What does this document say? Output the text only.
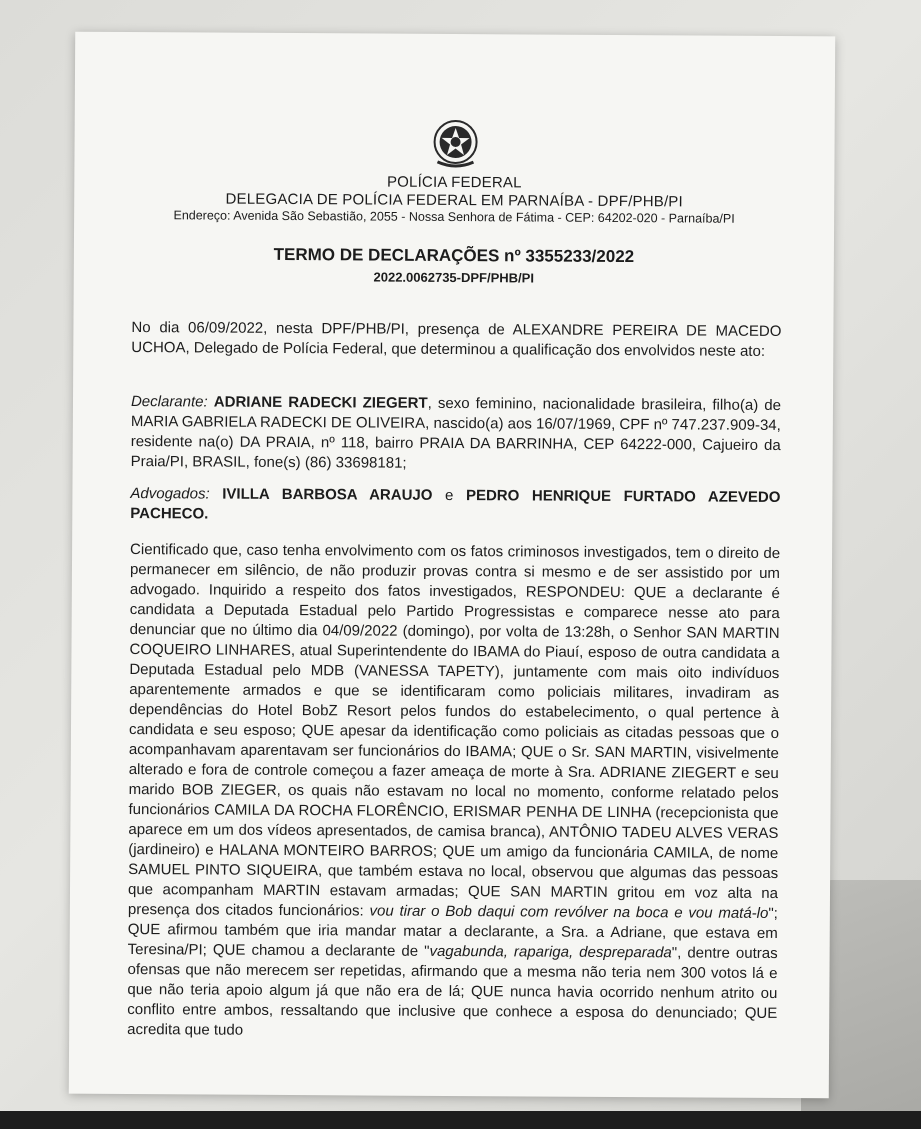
POLÍCIA FEDERAL
DELEGACIA DE POLÍCIA FEDERAL EM PARNAÍBA - DPF/PHB/PI
Endereço: Avenida São Sebastião, 2055 - Nossa Senhora de Fátima - CEP: 64202-020 - Parnaíba/PI
TERMO DE DECLARAÇÕES nº 3355233/2022
2022.0062735-DPF/PHB/PI
No dia 06/09/2022, nesta DPF/PHB/PI, presença de ALEXANDRE PEREIRA DE MACEDO UCHOA, Delegado de Polícia Federal, que determinou a qualificação dos envolvidos neste ato:
Declarante: ADRIANE RADECKI ZIEGERT, sexo feminino, nacionalidade brasileira, filho(a) de MARIA GABRIELA RADECKI DE OLIVEIRA, nascido(a) aos 16/07/1969, CPF nº 747.237.909-34, residente na(o) DA PRAIA, nº 118, bairro PRAIA DA BARRINHA, CEP 64222-000, Cajueiro da Praia/PI, BRASIL, fone(s) (86) 33698181;
Advogados: IVILLA BARBOSA ARAUJO e PEDRO HENRIQUE FURTADO AZEVEDO PACHECO.
Cientificado que, caso tenha envolvimento com os fatos criminosos investigados, tem o direito de permanecer em silêncio, de não produzir provas contra si mesmo e de ser assistido por um advogado. Inquirido a respeito dos fatos investigados, RESPONDEU: QUE a declarante é candidata a Deputada Estadual pelo Partido Progressistas e comparece nesse ato para denunciar que no último dia 04/09/2022 (domingo), por volta de 13:28h, o Senhor SAN MARTIN COQUEIRO LINHARES, atual Superintendente do IBAMA do Piauí, esposo de outra candidata a Deputada Estadual pelo MDB (VANESSA TAPETY), juntamente com mais oito indivíduos aparentemente armados e que se identificaram como policiais militares, invadiram as dependências do Hotel BobZ Resort pelos fundos do estabelecimento, o qual pertence à candidata e seu esposo; QUE apesar da identificação como policiais as citadas pessoas que o acompanhavam aparentavam ser funcionários do IBAMA; QUE o Sr. SAN MARTIN, visivelmente alterado e fora de controle começou a fazer ameaça de morte à Sra. ADRIANE ZIEGERT e seu marido BOB ZIEGER, os quais não estavam no local no momento, conforme relatado pelos funcionários CAMILA DA ROCHA FLORÊNCIO, ERISMAR PENHA DE LINHA (recepcionista que aparece em um dos vídeos apresentados, de camisa branca), ANTÔNIO TADEU ALVES VERAS (jardineiro) e HALANA MONTEIRO BARROS; QUE um amigo da funcionária CAMILA, de nome SAMUEL PINTO SIQUEIRA, que também estava no local, observou que algumas das pessoas que acompanham MARTIN estavam armadas; QUE SAN MARTIN gritou em voz alta na presença dos citados funcionários: vou tirar o Bob daqui com revólver na boca e vou matá-lo"; QUE afirmou também que iria mandar matar a declarante, a Sra. a Adriane, que estava em Teresina/PI; QUE chamou a declarante de "vagabunda, rapariga, despreparada", dentre outras ofensas que não merecem ser repetidas, afirmando que a mesma não teria nem 300 votos lá e que não teria apoio algum já que não era de lá; QUE nunca havia ocorrido nenhum atrito ou conflito entre ambos, ressaltando que inclusive que conhece a esposa do denunciado; QUE acredita que tudo
